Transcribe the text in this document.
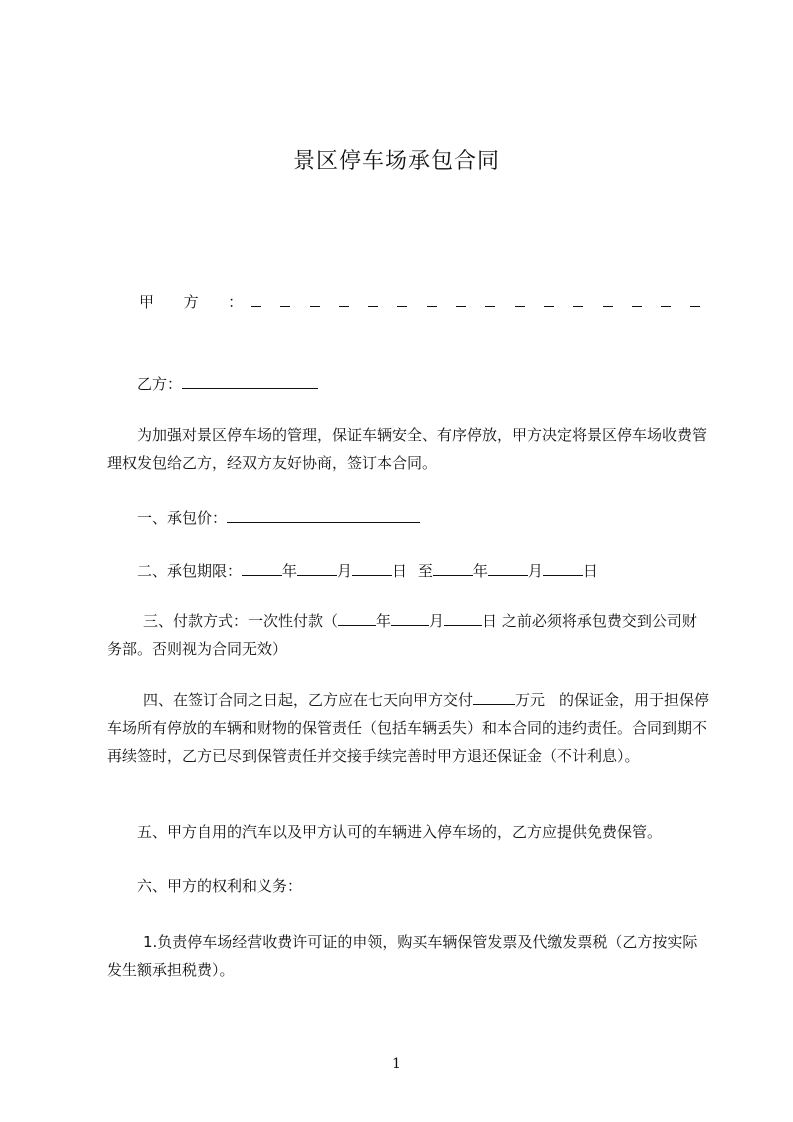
景区停车场承包合同
甲 方 ：
乙方：
为加强对景区停车场的管理，保证车辆安全、有序停放，甲方决定将景区停车场收费管理权发包给乙方，经双方友好协商，签订本合同。
一、承包价：
二、承包期限：	年	月	日 至	年	月	日
三、付款方式：一次性付款（	年	月	日 之前必须将承包费交到公司财务部。否则视为合同无效）
四、在签订合同之日起，乙方应在七天向甲方交付	万元 的保证金，用于担保停车场所有停放的车辆和财物的保管责任（包括车辆丢失）和本合同的违约责任。合同到期不再续签时，乙方已尽到保管责任并交接手续完善时甲方退还保证金（不计利息）。
五、甲方自用的汽车以及甲方认可的车辆进入停车场的，乙方应提供免费保管。
六、甲方的权利和义务：
1.负责停车场经营收费许可证的申领，购买车辆保管发票及代缴发票税（乙方按实际发生额承担税费）。
1
